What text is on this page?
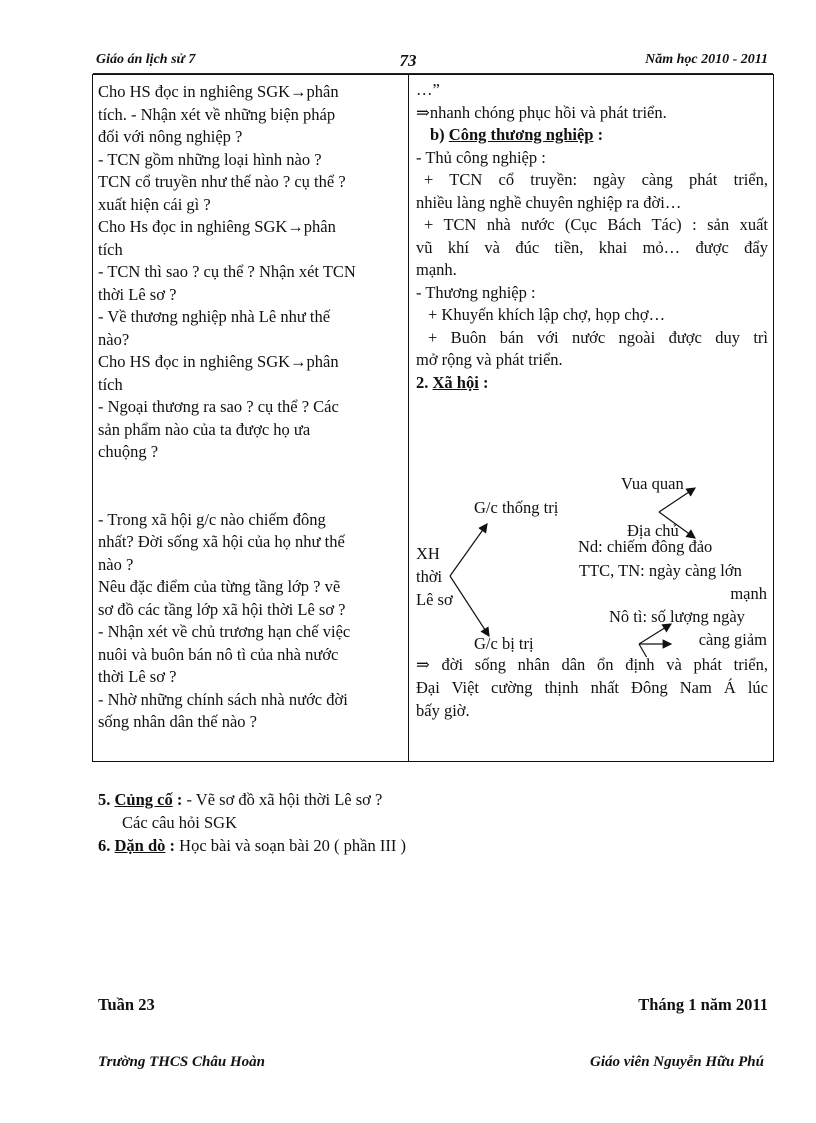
Giáo án lịch sử 7	73	Năm học 2010 - 2011
Cho HS đọc in nghiêng SGK→phân
tích. - Nhận xét về những biện pháp
đối với nông nghiệp ?
- TCN gồm những loại hình nào ?
TCN cổ truyền như thế nào ? cụ thể ?
xuất hiện cái gì ?
Cho Hs đọc in nghiêng SGK→phân
tích
- TCN thì sao ? cụ thể ? Nhận xét TCN
thời Lê sơ ?
- Về thương nghiệp nhà Lê như thế
nào?
Cho HS đọc in nghiêng SGK→phân
tích
- Ngoại thương ra sao ? cụ thể ? Các
sản phẩm nào của ta được họ ưa
chuộng ?
- Trong xã hội g/c nào chiếm đông
nhất? Đời sống xã hội của họ như thế
nào ?
Nêu đặc điểm của từng tầng lớp ? vẽ
sơ đồ các tầng lớp xã hội thời Lê sơ ?
- Nhận xét về chủ trương hạn chế việc
nuôi và buôn bán nô tì của nhà nước
thời Lê sơ ?
- Nhờ những chính sách nhà nước đời
sống nhân dân thế nào ?
…”
⇒nhanh chóng phục hồi và phát triển.
b) Công thương nghiệp :
- Thủ công nghiệp :
+ TCN cổ truyền: ngày càng phát triển,
nhiều làng nghề chuyên nghiệp ra đời…
+ TCN nhà nước (Cục Bách Tác) : sản xuất
vũ khí và đúc tiền, khai mỏ… được đẩy
mạnh.
- Thương nghiệp :
+ Khuyến khích lập chợ, họp chợ…
+ Buôn bán với nước ngoài được duy trì
mở rộng và phát triển.
2. Xã hội :
XH
thời
Lê sơ
G/c thống trị
G/c bị trị
Vua quan
Địa chủ
Nd: chiếm đông đảo
TTC, TN: ngày càng lớn
mạnh
Nô tì: số lượng ngày
càng giảm
⇒ đời sống nhân dân ổn định và phát triển,
Đại Việt cường thịnh nhất Đông Nam Á lúc
bấy giờ.
5. Củng cố : - Vẽ sơ đồ xã hội thời Lê sơ ?
Các câu hỏi SGK
6. Dặn dò : Học bài và soạn bài 20 ( phần III )
Tuần 23	Tháng 1 năm 2011
Trường THCS Châu Hoàn	Giáo viên Nguyễn Hữu Phú
